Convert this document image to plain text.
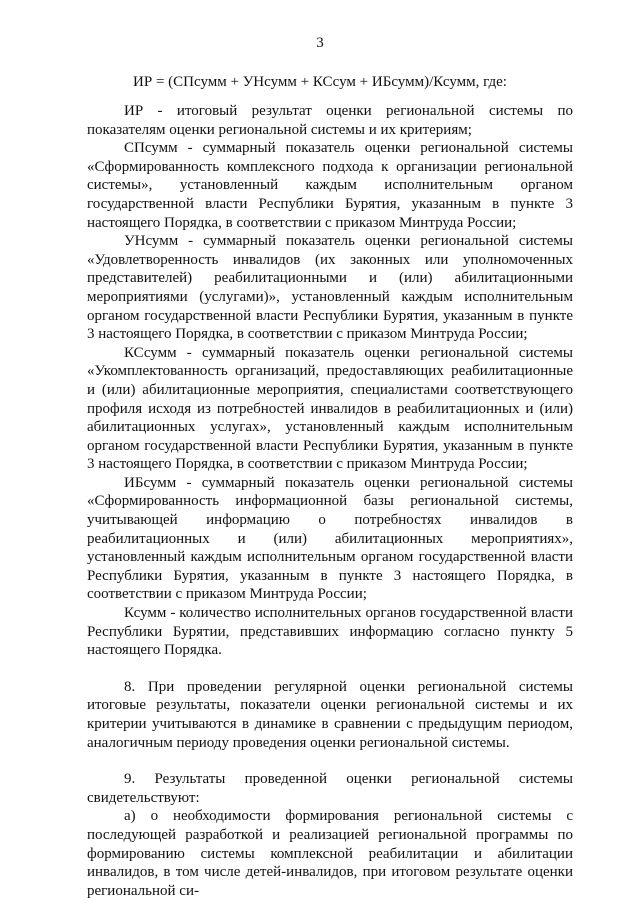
3
ИР = (СПсумм + УНсумм + КСсум + ИБсумм)/Ксумм, где:

ИР - итоговый результат оценки региональной системы по показателям оценки региональной системы и их критериям;

СПсумм - суммарный показатель оценки региональной системы «Сформированность комплексного подхода к организации региональной системы», установленный каждым исполнительным органом государственной власти Республики Бурятия, указанным в пункте 3 настоящего Порядка, в соответствии с приказом Минтруда России;

УНсумм - суммарный показатель оценки региональной системы «Удовлетворенность инвалидов (их законных или уполномоченных представителей) реабилитационными и (или) абилитационными мероприятиями (услугами)», установленный каждым исполнительным органом государственной власти Республики Бурятия, указанным в пункте 3 настоящего Порядка, в соответствии с приказом Минтруда России;

КСсумм - суммарный показатель оценки региональной системы «Укомплектованность организаций, предоставляющих реабилитационные и (или) абилитационные мероприятия, специалистами соответствующего профиля исходя из потребностей инвалидов в реабилитационных и (или) абилитационных услугах», установленный каждым исполнительным органом государственной власти Республики Бурятия, указанным в пункте 3 настоящего Порядка, в соответствии с приказом Минтруда России;

ИБсумм - суммарный показатель оценки региональной системы «Сформированность информационной базы региональной системы, учитывающей информацию о потребностях инвалидов в реабилитационных и (или) абилитационных мероприятиях», установленный каждым исполнительным органом государственной власти Республики Бурятия, указанным в пункте 3 настоящего Порядка, в соответствии с приказом Минтруда России;

Ксумм - количество исполнительных органов государственной власти Республики Бурятии, представивших информацию согласно пункту 5 настоящего Порядка.

8. При проведении регулярной оценки региональной системы итоговые результаты, показатели оценки региональной системы и их критерии учитываются в динамике в сравнении с предыдущим периодом, аналогичным периоду проведения оценки региональной системы.

9. Результаты проведенной оценки региональной системы свидетельствуют:

а) о необходимости формирования региональной системы с последующей разработкой и реализацией региональной программы по формированию системы комплексной реабилитации и абилитации инвалидов, в том числе детей-инвалидов, при итоговом результате оценки региональной си-
